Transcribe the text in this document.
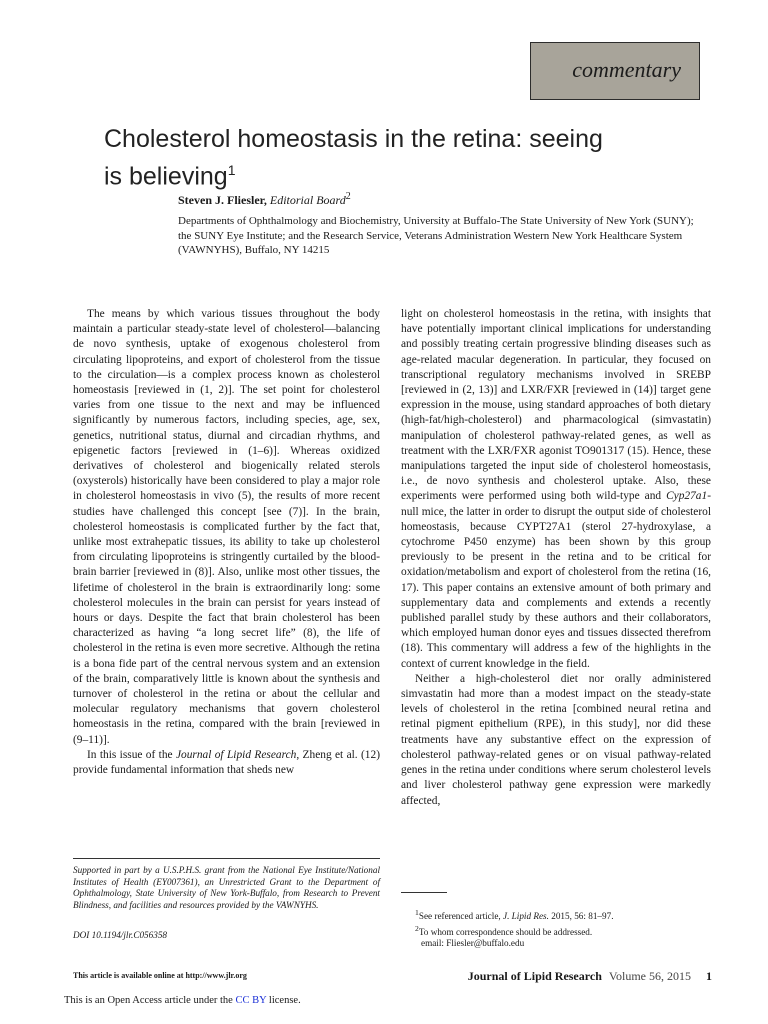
commentary
Cholesterol homeostasis in the retina: seeing is believing$^1$
Steven J. Fliesler, Editorial Board$^2$
Departments of Ophthalmology and Biochemistry, University at Buffalo-The State University of New York (SUNY); the SUNY Eye Institute; and the Research Service, Veterans Administration Western New York Healthcare System (VAWNYHS), Buffalo, NY 14215

The means by which various tissues throughout the body maintain a particular steady-state level of cholesterol—balancing de novo synthesis, uptake of exogenous cholesterol from circulating lipoproteins, and export of cholesterol from the tissue to the circulation—is a complex process known as cholesterol homeostasis [reviewed in (1, 2)]. The set point for cholesterol varies from one tissue to the next and may be influenced significantly by numerous factors, including species, age, sex, genetics, nutritional status, diurnal and circadian rhythms, and epigenetic factors [reviewed in (1–6)]. Whereas oxidized derivatives of cholesterol and biogenically related sterols (oxysterols) historically have been considered to play a major role in cholesterol homeostasis in vivo (5), the results of more recent studies have challenged this concept [see (7)]. In the brain, cholesterol homeostasis is complicated further by the fact that, unlike most extrahepatic tissues, its ability to take up cholesterol from circulating lipoproteins is stringently curtailed by the blood-brain barrier [reviewed in (8)]. Also, unlike most other tissues, the lifetime of cholesterol in the brain is extraordinarily long: some cholesterol molecules in the brain can persist for years instead of hours or days. Despite the fact that brain cholesterol has been characterized as having “a long secret life” (8), the life of cholesterol in the retina is even more secretive. Although the retina is a bona fide part of the central nervous system and an extension of the brain, comparatively little is known about the synthesis and turnover of cholesterol in the retina or about the cellular and molecular regulatory mechanisms that govern cholesterol homeostasis in the retina, compared with the brain [reviewed in (9–11)].

In this issue of the Journal of Lipid Research, Zheng et al. (12) provide fundamental information that sheds new

light on cholesterol homeostasis in the retina, with insights that have potentially important clinical implications for understanding and possibly treating certain progressive blinding diseases such as age-related macular degeneration. In particular, they focused on transcriptional regulatory mechanisms involved in SREBP [reviewed in (2, 13)] and LXR/FXR [reviewed in (14)] target gene expression in the mouse, using standard approaches of both dietary (high-fat/high-cholesterol) and pharmacological (simvastatin) manipulation of cholesterol pathway-related genes, as well as treatment with the LXR/FXR agonist TO901317 (15). Hence, these manipulations targeted the input side of cholesterol homeostasis, i.e., de novo synthesis and cholesterol uptake. Also, these experiments were performed using both wild-type and Cyp27a1-null mice, the latter in order to disrupt the output side of cholesterol homeostasis, because CYPT27A1 (sterol 27-hydroxylase, a cytochrome P450 enzyme) has been shown by this group previously to be present in the retina and to be critical for oxidation/metabolism and export of cholesterol from the retina (16, 17). This paper contains an extensive amount of both primary and supplementary data and complements and extends a recently published parallel study by these authors and their collaborators, which employed human donor eyes and tissues dissected therefrom (18). This commentary will address a few of the highlights in the context of current knowledge in the field.

Neither a high-cholesterol diet nor orally administered simvastatin had more than a modest impact on the steady-state levels of cholesterol in the retina [combined neural retina and retinal pigment epithelium (RPE), in this study], nor did these treatments have any substantive effect on the expression of cholesterol pathway-related genes or on visual pathway-related genes in the retina under conditions where serum cholesterol levels and liver cholesterol pathway gene expression were markedly affected,

Supported in part by a U.S.P.H.S. grant from the National Eye Institute/National Institutes of Health (EY007361), an Unrestricted Grant to the Department of Ophthalmology, State University of New York-Buffalo, from Research to Prevent Blindness, and facilities and resources provided by the VAWNYHS.
DOI 10.1194/jlr.C056358
$^1$See referenced article, J. Lipid Res. 2015, 56: 81–97.
$^2$To whom correspondence should be addressed.
email: Fliesler@buffalo.edu
This article is available online at http://www.jlr.org	Journal of Lipid Research Volume 56, 2015 1
This is an Open Access article under the CC BY license.
